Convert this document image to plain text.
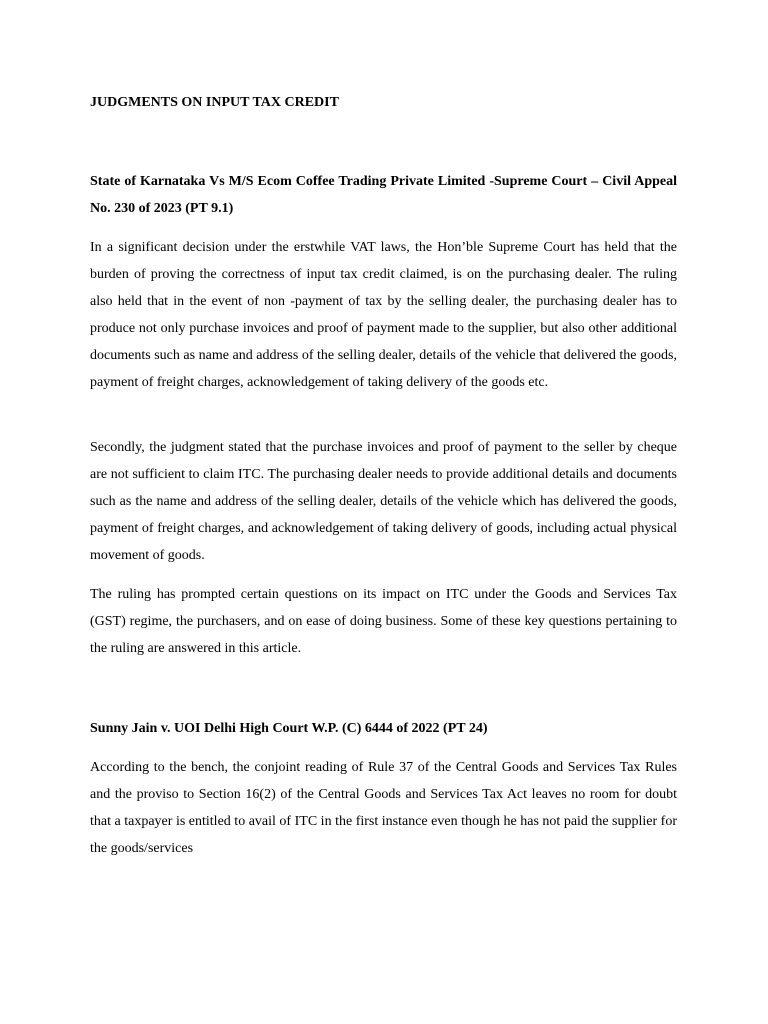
JUDGMENTS ON INPUT TAX CREDIT
State of Karnataka Vs M/S Ecom Coffee Trading Private Limited -Supreme Court – Civil Appeal No. 230 of 2023 (PT 9.1)

In a significant decision under the erstwhile VAT laws, the Hon’ble Supreme Court has held that the burden of proving the correctness of input tax credit claimed, is on the purchasing dealer. The ruling also held that in the event of non -payment of tax by the selling dealer, the purchasing dealer has to produce not only purchase invoices and proof of payment made to the supplier, but also other additional documents such as name and address of the selling dealer, details of the vehicle that delivered the goods, payment of freight charges, acknowledgement of taking delivery of the goods etc.

Secondly, the judgment stated that the purchase invoices and proof of payment to the seller by cheque are not sufficient to claim ITC. The purchasing dealer needs to provide additional details and documents such as the name and address of the selling dealer, details of the vehicle which has delivered the goods, payment of freight charges, and acknowledgement of taking delivery of goods, including actual physical movement of goods.

The ruling has prompted certain questions on its impact on ITC under the Goods and Services Tax (GST) regime, the purchasers, and on ease of doing business. Some of these key questions pertaining to the ruling are answered in this article.

Sunny Jain v. UOI Delhi High Court W.P. (C) 6444 of 2022 (PT 24)

According to the bench, the conjoint reading of Rule 37 of the Central Goods and Services Tax Rules and the proviso to Section 16(2) of the Central Goods and Services Tax Act leaves no room for doubt that a taxpayer is entitled to avail of ITC in the first instance even though he has not paid the supplier for the goods/services
